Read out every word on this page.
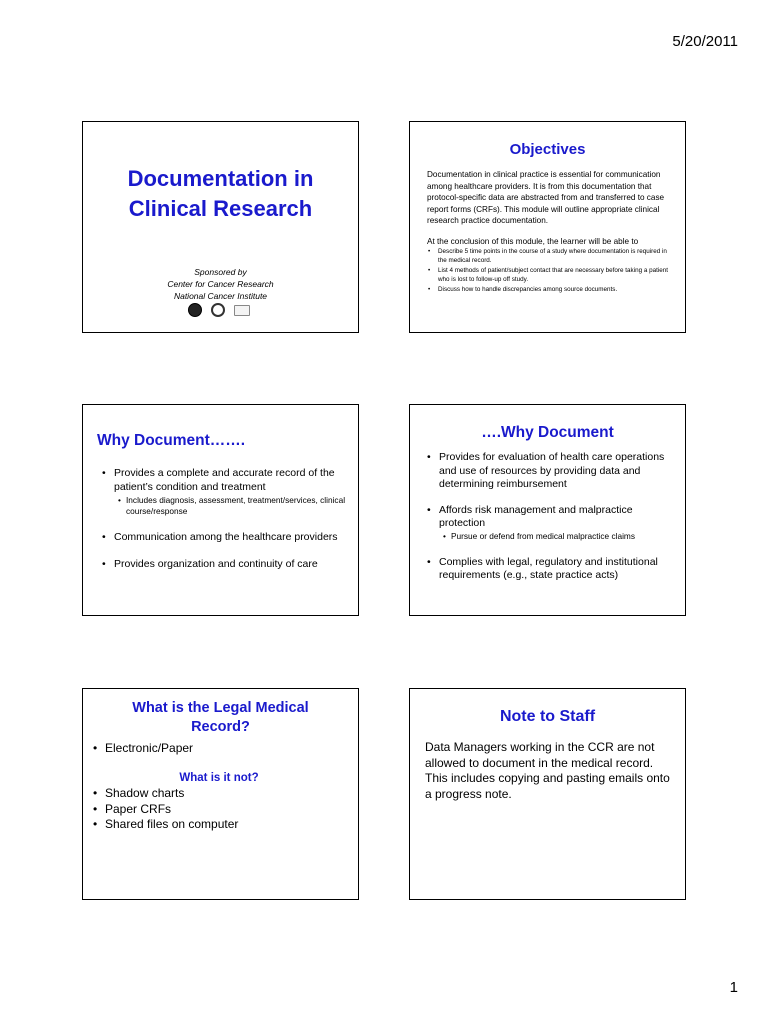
5/20/2011
Documentation in
Clinical Research
Sponsored by
Center for Cancer Research
National Cancer Institute
Objectives

Documentation in clinical practice is essential for communication among healthcare providers. It is from this documentation that protocol-specific data are abstracted from and transferred to case report forms (CRFs). This module will outline appropriate clinical research practice documentation.

At the conclusion of this module, the learner will be able to

• Describe 5 time points in the course of a study where documentation is required in the medical record.
• List 4 methods of patient/subject contact that are necessary before taking a patient who is lost to follow-up off study.
• Discuss how to handle discrepancies among source documents.
Why Document…….
• Provides a complete and accurate record of the patient’s condition and treatment
• Includes diagnosis, assessment, treatment/services, clinical course/response
• Communication among the healthcare providers
• Provides organization and continuity of care
….Why Document
• Provides for evaluation of health care operations and use of resources by providing data and determining reimbursement
• Affords risk management and malpractice protection
• Pursue or defend from medical malpractice claims
• Complies with legal, regulatory and institutional requirements (e.g., state practice acts)
What is the Legal Medical
Record?
• Electronic/Paper
What is it not?
• Shadow charts
• Paper CRFs
• Shared files on computer
Note to Staff
Data Managers working in the CCR are not allowed to document in the medical record. This includes copying and pasting emails onto a progress note.
1
